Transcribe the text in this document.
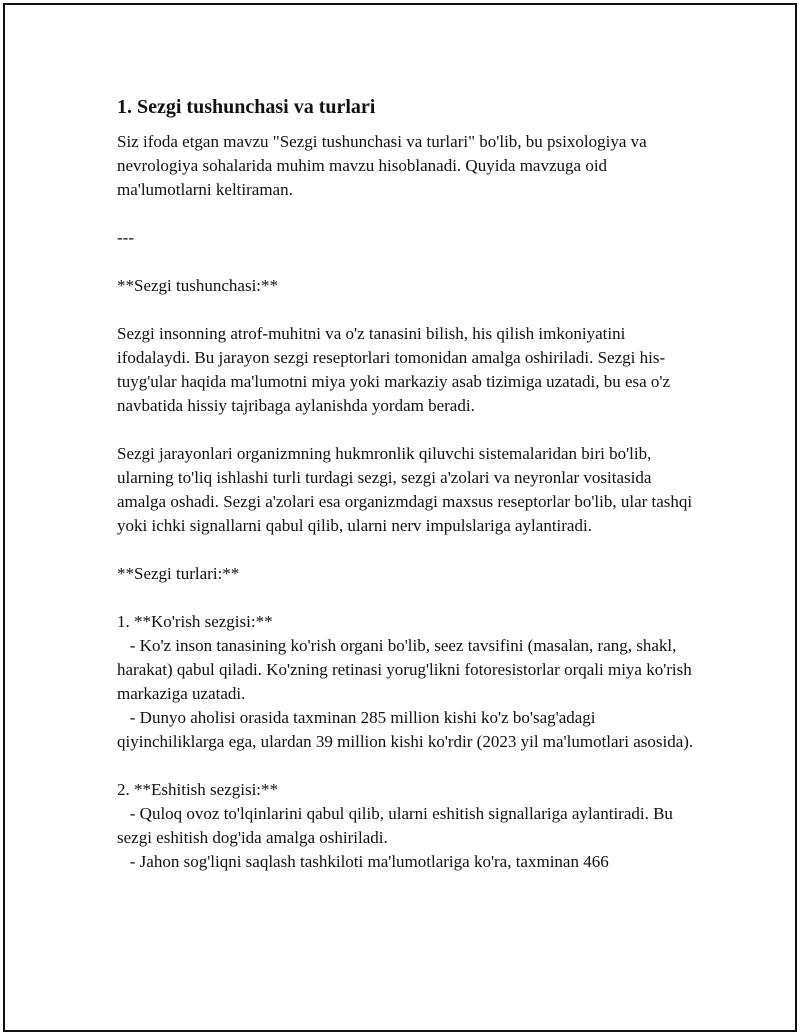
1. Sezgi tushunchasi va turlari

Siz ifoda etgan mavzu "Sezgi tushunchasi va turlari" bo'lib, bu psixologiya va nevrologiya sohalarida muhim mavzu hisoblanadi. Quyida mavzuga oid ma'lumotlarni keltiraman.

---

**Sezgi tushunchasi:**

Sezgi insonning atrof-muhitni va o'z tanasini bilish, his qilish imkoniyatini ifodalaydi. Bu jarayon sezgi reseptorlari tomonidan amalga oshiriladi. Sezgi his-tuyg'ular haqida ma'lumotni miya yoki markaziy asab tizimiga uzatadi, bu esa o'z navbatida hissiy tajribaga aylanishda yordam beradi.

Sezgi jarayonlari organizmning hukmronlik qiluvchi sistemalaridan biri bo'lib, ularning to'liq ishlashi turli turdagi sezgi, sezgi a'zolari va neyronlar vositasida amalga oshadi. Sezgi a'zolari esa organizmdagi maxsus reseptorlar bo'lib, ular tashqi yoki ichki signallarni qabul qilib, ularni nerv impulslariga aylantiradi.

**Sezgi turlari:**

1. **Ko'rish sezgisi:**

- Ko'z inson tanasining ko'rish organi bo'lib, seez tavsifini (masalan, rang, shakl, harakat) qabul qiladi. Ko'zning retinasi yorug'likni fotoresistorlar orqali miya ko'rish markaziga uzatadi.

- Dunyo aholisi orasida taxminan 285 million kishi ko'z bo'sag'adagi qiyinchiliklarga ega, ulardan 39 million kishi ko'rdir (2023 yil ma'lumotlari asosida).

2. **Eshitish sezgisi:**

- Quloq ovoz to'lqinlarini qabul qilib, ularni eshitish signallariga aylantiradi. Bu sezgi eshitish dog'ida amalga oshiriladi.

- Jahon sog'liqni saqlash tashkiloti ma'lumotlariga ko'ra, taxminan 466
